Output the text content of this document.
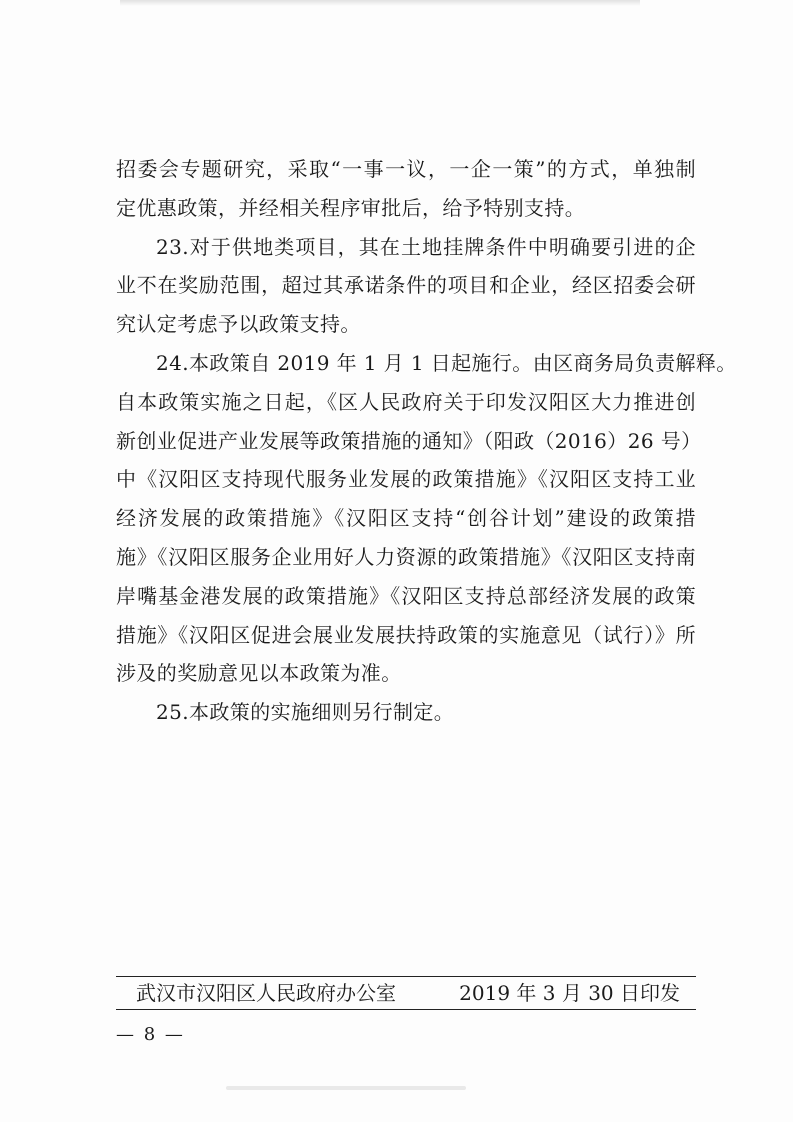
招委会专题研究，采取“一事一议，一企一策”的方式，单独制
定优惠政策，并经相关程序审批后，给予特别支持。
23.对于供地类项目，其在土地挂牌条件中明确要引进的企
业不在奖励范围，超过其承诺条件的项目和企业，经区招委会研
究认定考虑予以政策支持。
24.本政策自 2019 年 1 月 1 日起施行。由区商务局负责解释。
自本政策实施之日起，《区人民政府关于印发汉阳区大力推进创
新创业促进产业发展等政策措施的通知》（阳政（2016）26 号）
中《汉阳区支持现代服务业发展的政策措施》《汉阳区支持工业
经济发展的政策措施》《汉阳区支持“创谷计划”建设的政策措
施》《汉阳区服务企业用好人力资源的政策措施》《汉阳区支持南
岸嘴基金港发展的政策措施》《汉阳区支持总部经济发展的政策
措施》《汉阳区促进会展业发展扶持政策的实施意见（试行）》所
涉及的奖励意见以本政策为准。
25.本政策的实施细则另行制定。
武汉市汉阳区人民政府办公室	2019 年 3 月 30 日印发
— 8 —
